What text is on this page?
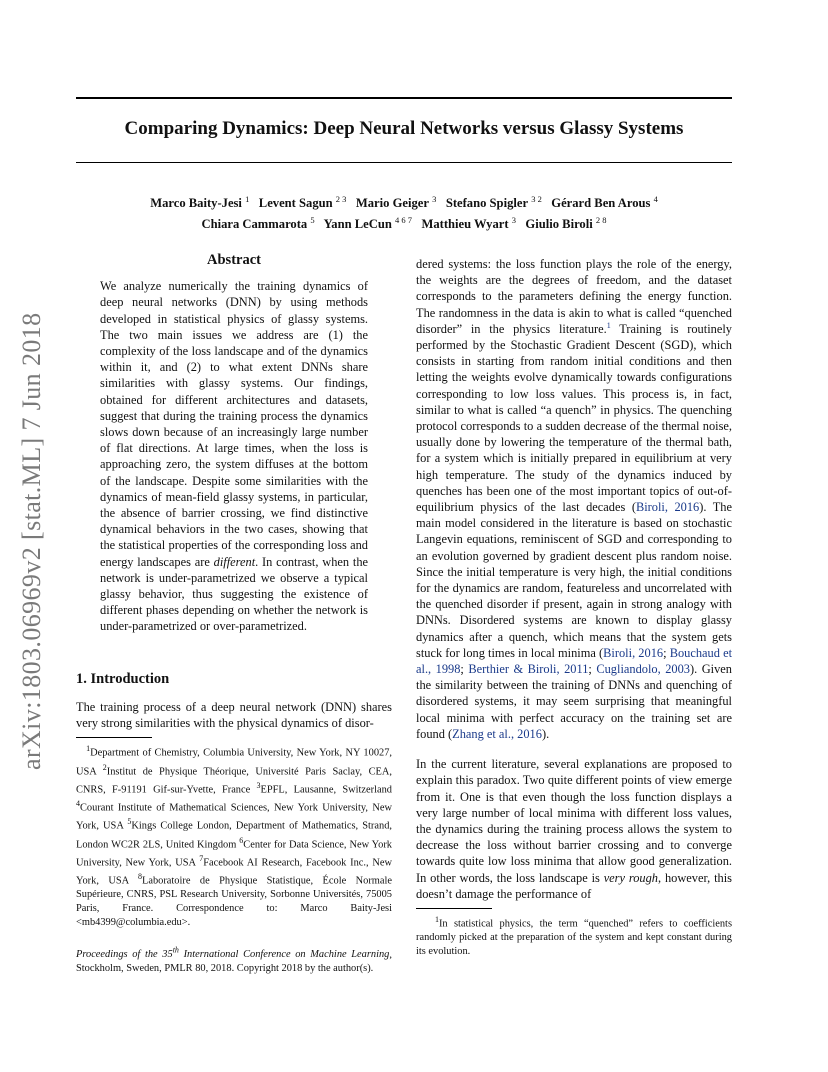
Comparing Dynamics: Deep Neural Networks versus Glassy Systems
Marco Baity-Jesi $^1$ Levent Sagun $^{2 3}$ Mario Geiger $^3$ Stefano Spigler $^{3 2}$ Gérard Ben Arous $^4$
Chiara Cammarota $^5$ Yann LeCun $^{4 6 7}$ Matthieu Wyart $^3$ Giulio Biroli $^{2 8}$
arXiv:1803.06969v2 [stat.ML] 7 Jun 2018
Abstract

We analyze numerically the training dynamics of deep neural networks (DNN) by using methods developed in statistical physics of glassy systems. The two main issues we address are (1) the complexity of the loss landscape and of the dynamics within it, and (2) to what extent DNNs share similarities with glassy systems. Our findings, obtained for different architectures and datasets, suggest that during the training process the dynamics slows down because of an increasingly large number of flat directions. At large times, when the loss is approaching zero, the system diffuses at the bottom of the landscape. Despite some similarities with the dynamics of mean-field glassy systems, in particular, the absence of barrier crossing, we find distinctive dynamical behaviors in the two cases, showing that the statistical properties of the corresponding loss and energy landscapes are different. In contrast, when the network is under-parametrized we observe a typical glassy behavior, thus suggesting the existence of different phases depending on whether the network is under-parametrized or over-parametrized.

1. Introduction

The training process of a deep neural network (DNN) shares very strong similarities with the physical dynamics of disor-

$^1$Department of Chemistry, Columbia University, New York, NY 10027, USA $^2$Institut de Physique Théorique, Université Paris Saclay, CEA, CNRS, F-91191 Gif-sur-Yvette, France $^3$EPFL, Lausanne, Switzerland $^4$Courant Institute of Mathematical Sciences, New York University, New York, USA $^5$Kings College London, Department of Mathematics, Strand, London WC2R 2LS, United Kingdom $^6$Center for Data Science, New York University, New York, USA $^7$Facebook AI Research, Facebook Inc., New York, USA $^8$Laboratoire de Physique Statistique, École Normale Supérieure, CNRS, PSL Research University, Sorbonne Universités, 75005 Paris, France. Correspondence to: Marco Baity-Jesi <mb4399@columbia.edu>.

Proceedings of the 35th International Conference on Machine Learning, Stockholm, Sweden, PMLR 80, 2018. Copyright 2018 by the author(s).

dered systems: the loss function plays the role of the energy, the weights are the degrees of freedom, and the dataset corresponds to the parameters defining the energy function. The randomness in the data is akin to what is called “quenched disorder” in the physics literature.$^1$ Training is routinely performed by the Stochastic Gradient Descent (SGD), which consists in starting from random initial conditions and then letting the weights evolve dynamically towards configurations corresponding to low loss values. This process is, in fact, similar to what is called “a quench” in physics. The quenching protocol corresponds to a sudden decrease of the thermal noise, usually done by lowering the temperature of the thermal bath, for a system which is initially prepared in equilibrium at very high temperature. The study of the dynamics induced by quenches has been one of the most important topics of out-of-equilibrium physics of the last decades (Biroli, 2016). The main model considered in the literature is based on stochastic Langevin equations, reminiscent of SGD and corresponding to an evolution governed by gradient descent plus random noise. Since the initial temperature is very high, the initial conditions for the dynamics are random, featureless and uncorrelated with the quenched disorder if present, again in strong analogy with DNNs. Disordered systems are known to display glassy dynamics after a quench, which means that the system gets stuck for long times in local minima (Biroli, 2016; Bouchaud et al., 1998; Berthier & Biroli, 2011; Cugliandolo, 2003). Given the similarity between the training of DNNs and quenching of disordered systems, it may seem surprising that meaningful local minima with perfect accuracy on the training set are found (Zhang et al., 2016).

In the current literature, several explanations are proposed to explain this paradox. Two quite different points of view emerge from it. One is that even though the loss function displays a very large number of local minima with different loss values, the dynamics during the training process allows the system to decrease the loss without barrier crossing and to converge towards quite low loss minima that allow good generalization. In other words, the loss landscape is very rough, however, this doesn’t damage the performance of

$^1$In statistical physics, the term “quenched” refers to coefficients randomly picked at the preparation of the system and kept constant during its evolution.
